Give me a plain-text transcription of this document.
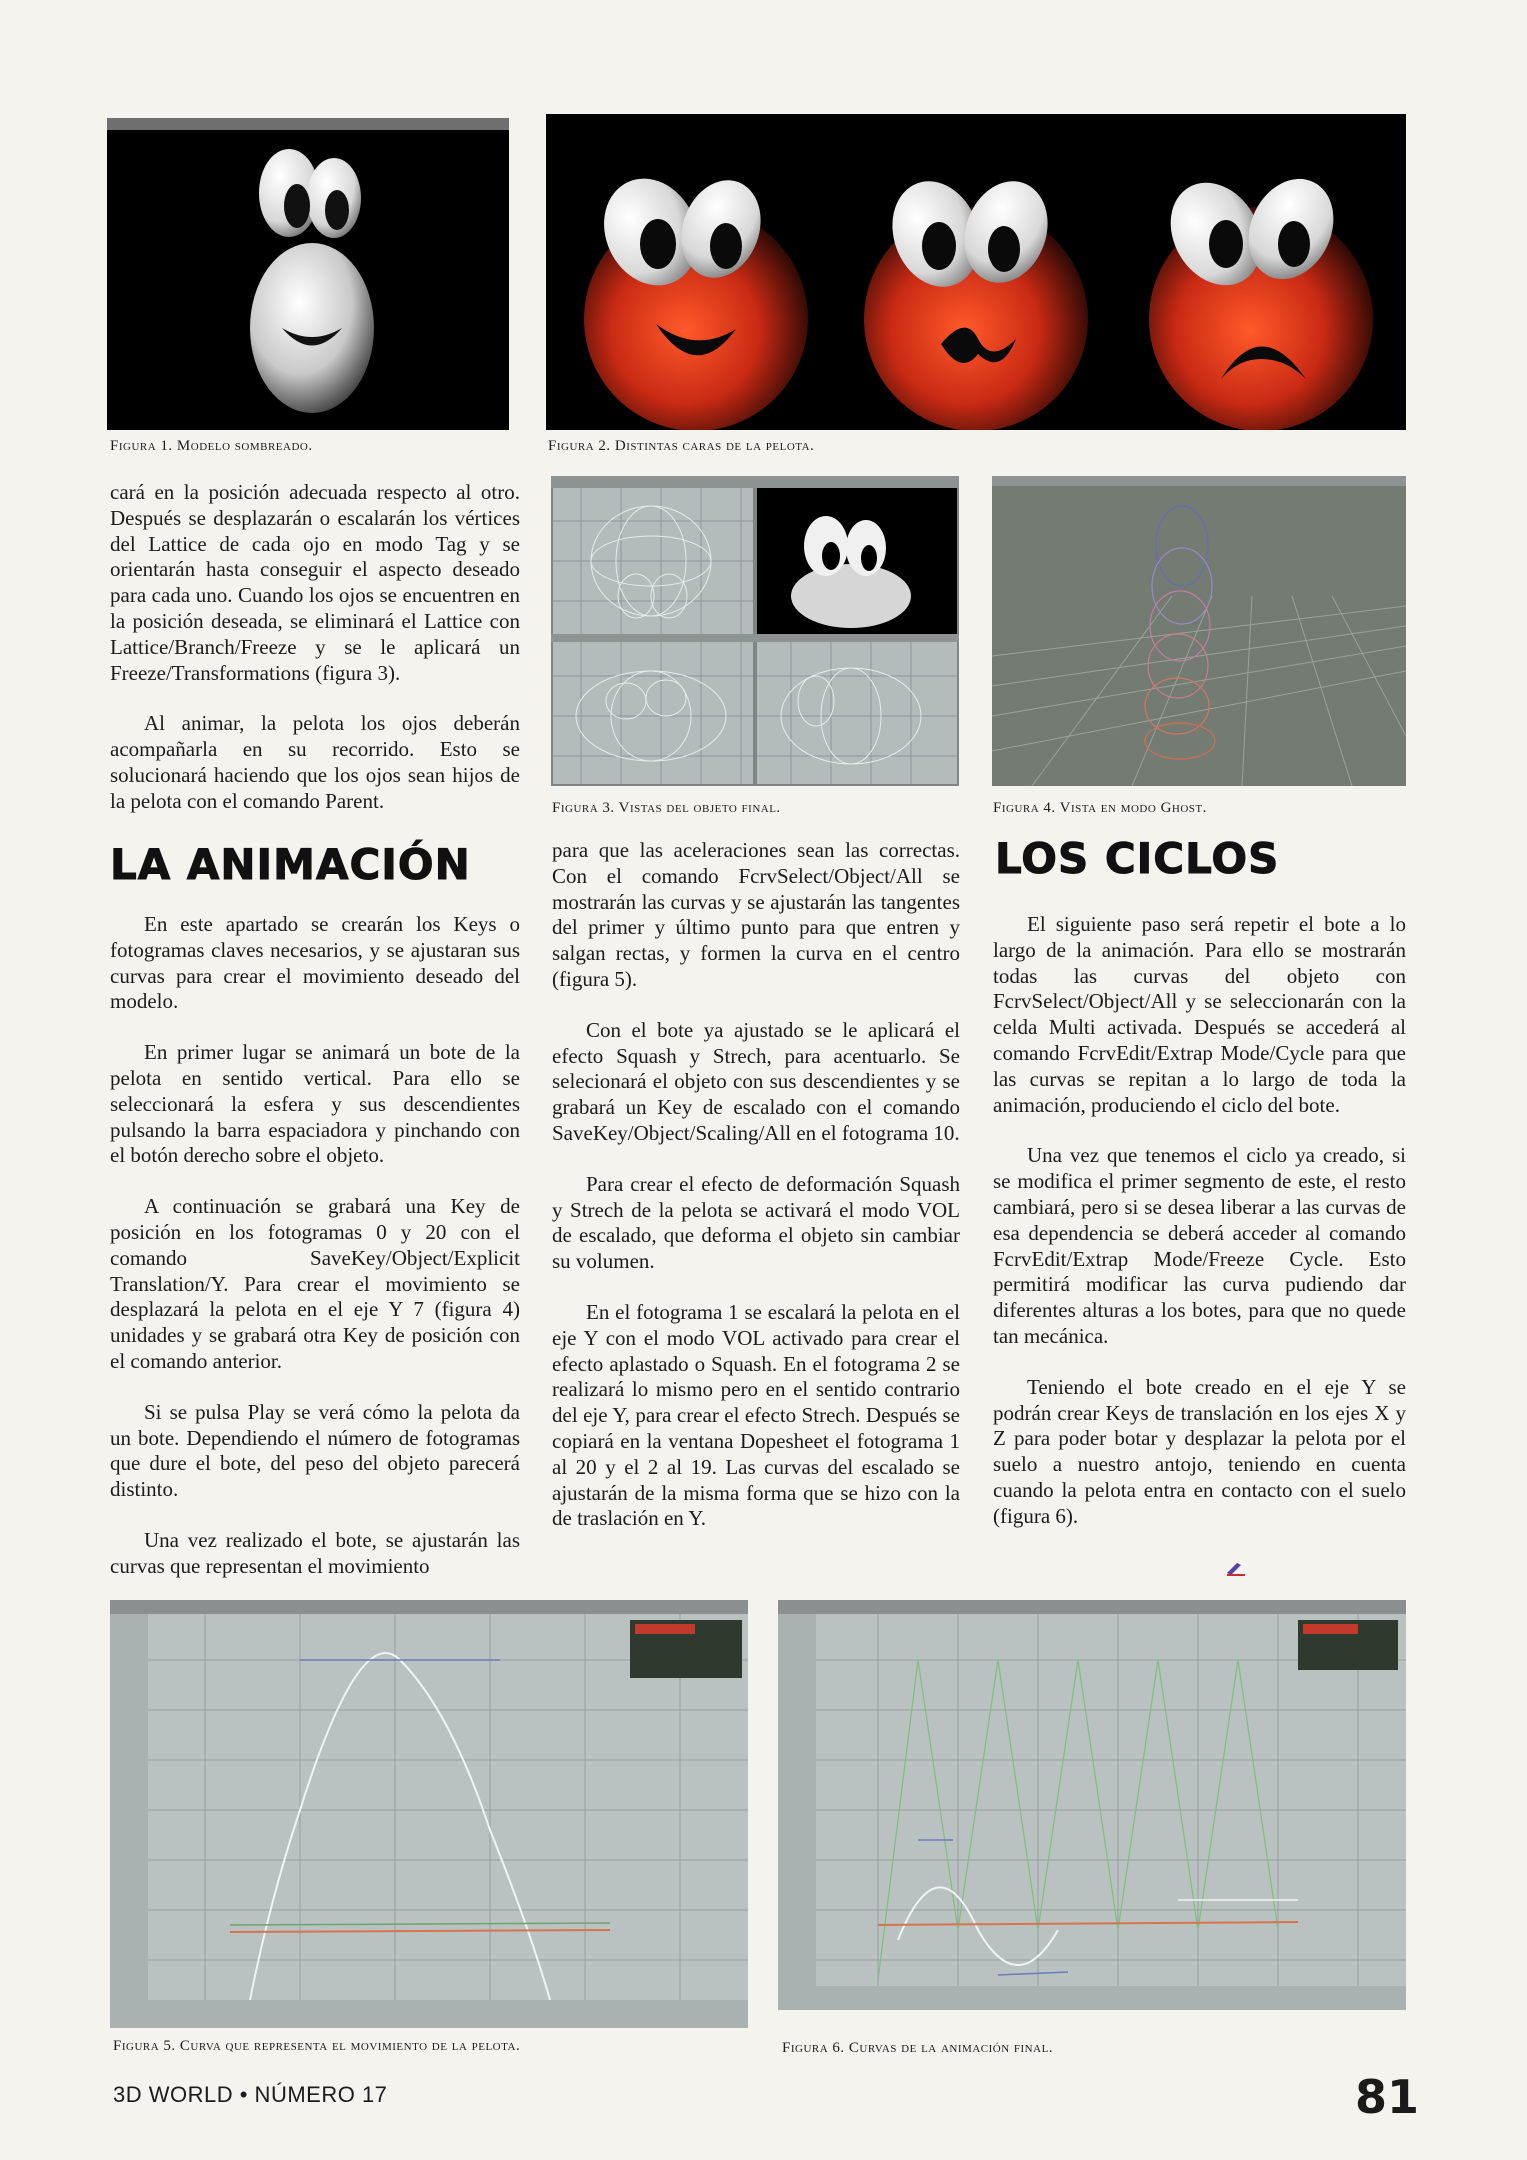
Figura 1. Modelo sombreado.	Figura 2. Distintas caras de la pelota.
Figura 3. Vistas del objeto final.	Figura 4. Vista en modo Ghost.

cará en la posición adecuada respecto al otro. Después se desplazarán o escalarán los vértices del Lattice de cada ojo en modo Tag y se orientarán hasta conseguir el aspecto deseado para cada uno. Cuando los ojos se encuentren en la posición deseada, se eliminará el Lattice con Lattice/Branch/Freeze y se le aplicará un Freeze/Transformations (figura 3).

Al animar, la pelota los ojos deberán acompañarla en su recorrido. Esto se solucionará haciendo que los ojos sean hijos de la pelota con el comando Parent.

LA ANIMACIÓN

En este apartado se crearán los Keys o fotogramas claves necesarios, y se ajustaran sus curvas para crear el movimiento deseado del modelo.

En primer lugar se animará un bote de la pelota en sentido vertical. Para ello se seleccionará la esfera y sus descendientes pulsando la barra espaciadora y pinchando con el botón derecho sobre el objeto.

A continuación se grabará una Key de posición en los fotogramas 0 y 20 con el comando SaveKey/Object/Explicit Translation/Y. Para crear el movimiento se desplazará la pelota en el eje Y 7 (figura 4) unidades y se grabará otra Key de posición con el comando anterior.

Si se pulsa Play se verá cómo la pelota da un bote. Dependiendo el número de fotogramas que dure el bote, del peso del objeto parecerá distinto.

Una vez realizado el bote, se ajustarán las curvas que representan el movimiento

para que las aceleraciones sean las correctas. Con el comando FcrvSelect/Object/All se mostrarán las curvas y se ajustarán las tangentes del primer y último punto para que entren y salgan rectas, y formen la curva en el centro (figura 5).

Con el bote ya ajustado se le aplicará el efecto Squash y Strech, para acentuarlo. Se selecionará el objeto con sus descendientes y se grabará un Key de escalado con el comando SaveKey/Object/Scaling/All en el fotograma 10.

Para crear el efecto de deformación Squash y Strech de la pelota se activará el modo VOL de escalado, que deforma el objeto sin cambiar su volumen.

En el fotograma 1 se escalará la pelota en el eje Y con el modo VOL activado para crear el efecto aplastado o Squash. En el fotograma 2 se realizará lo mismo pero en el sentido contrario del eje Y, para crear el efecto Strech. Después se copiará en la ventana Dopesheet el fotograma 1 al 20 y el 2 al 19. Las curvas del escalado se ajustarán de la misma forma que se hizo con la de traslación en Y.

LOS CICLOS

El siguiente paso será repetir el bote a lo largo de la animación. Para ello se mostrarán todas las curvas del objeto con FcrvSelect/Object/All y se seleccionarán con la celda Multi activada. Después se accederá al comando FcrvEdit/Extrap Mode/Cycle para que las curvas se repitan a lo largo de toda la animación, produciendo el ciclo del bote.

Una vez que tenemos el ciclo ya creado, si se modifica el primer segmento de este, el resto cambiará, pero si se desea liberar a las curvas de esa dependencia se deberá acceder al comando FcrvEdit/Extrap Mode/Freeze Cycle. Esto permitirá modificar las curva pudiendo dar diferentes alturas a los botes, para que no quede tan mecánica.

Teniendo el bote creado en el eje Y se podrán crear Keys de translación en los ejes X y Z para poder botar y desplazar la pelota por el suelo a nuestro antojo, teniendo en cuenta cuando la pelota entra en contacto con el suelo (figura 6).

Figura 5. Curva que representa el movimiento de la pelota.	Figura 6. Curvas de la animación final.
3D WORLD • NÚMERO 17	81
